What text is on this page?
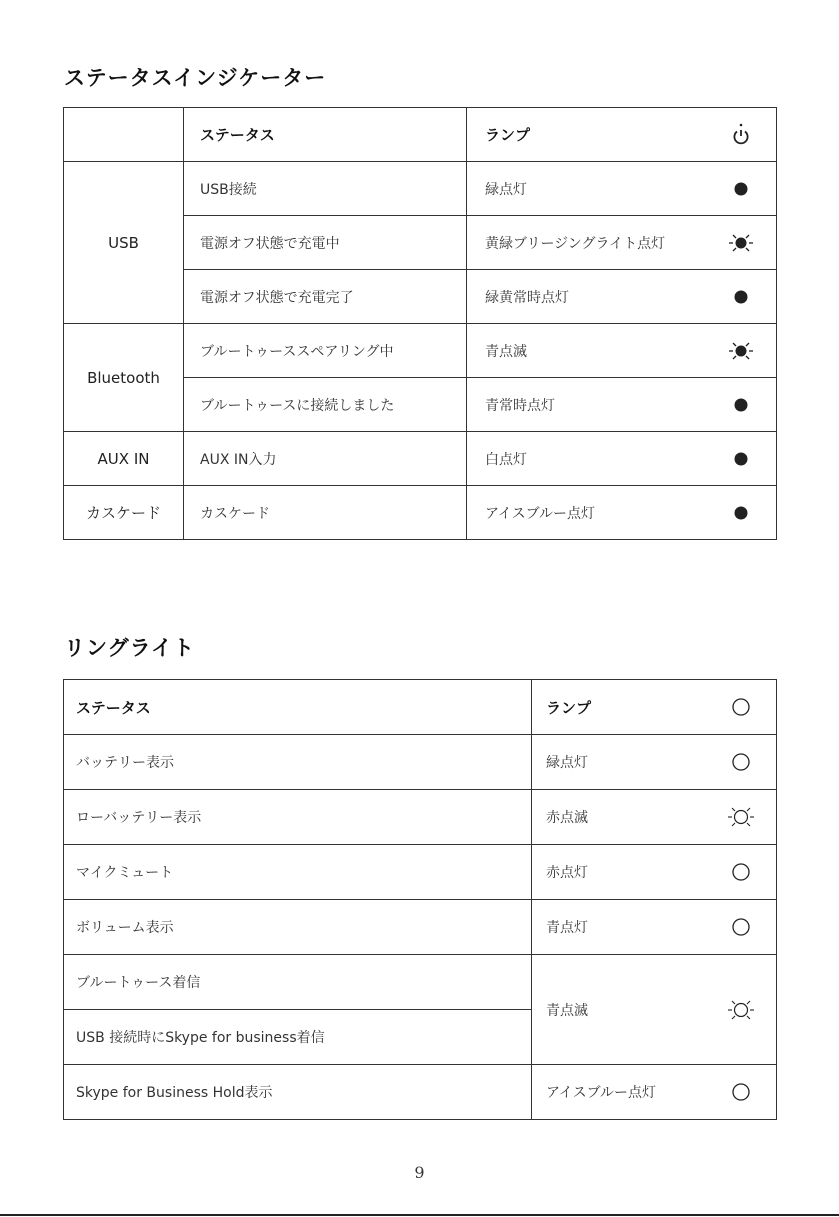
ステータスインジケーター
	ステータス	ランプ

USB	USB接続	緑点灯

	電源オフ状態で充電中	黄緑ブリージングライト点灯

	電源オフ状態で充電完了	緑黄常時点灯

Bluetooth	ブルートゥーススペアリング中	青点滅

	ブルートゥースに接続しました	青常時点灯

AUX IN	AUX IN入力	白点灯

カスケード	カスケード	アイスブルー点灯
リングライト
ステータス	ランプ

バッテリー表示	緑点灯

ローバッテリー表示	赤点滅

マイクミュート	赤点灯

ボリューム表示	青点灯

ブルートゥース着信	青点滅

USB 接続時にSkype for business着信	
Skype for Business Hold表示	アイスブルー点灯
9
